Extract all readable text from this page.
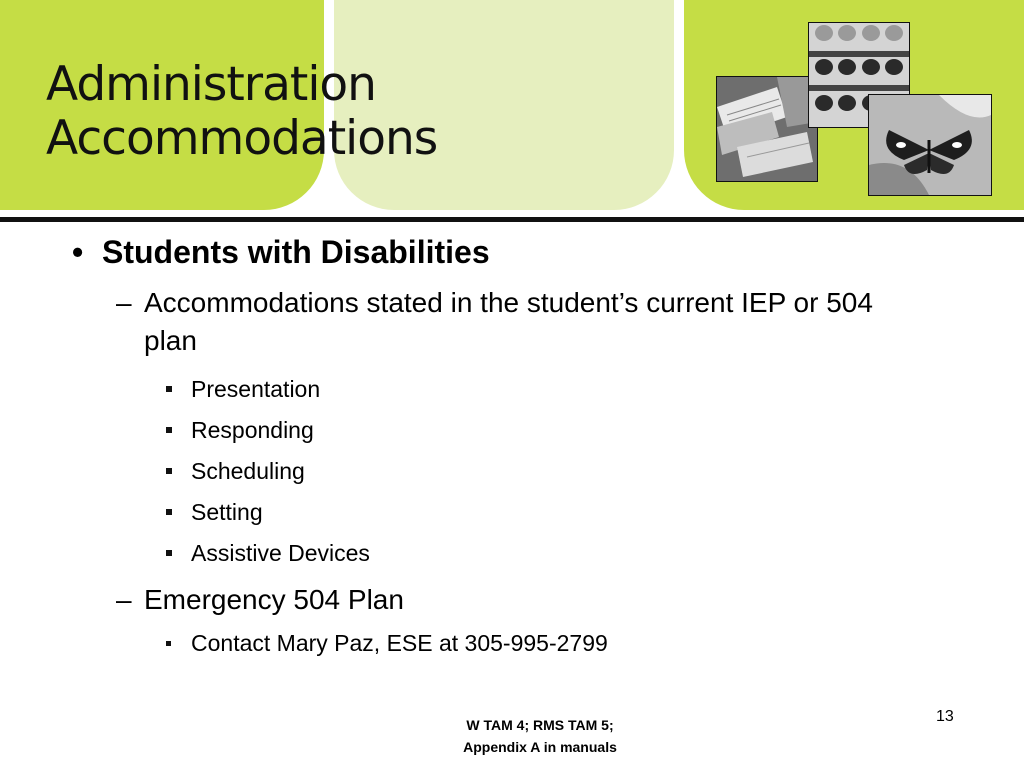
Administration
Accommodations
• Students with Disabilities
– Accommodations stated in the student’s current IEP or 504 plan
Presentation
Responding
Scheduling
Setting
Assistive Devices
– Emergency 504 Plan
Contact Mary Paz, ESE at 305-995-2799
W TAM 4; RMS TAM 5;
Appendix A in manuals
13
